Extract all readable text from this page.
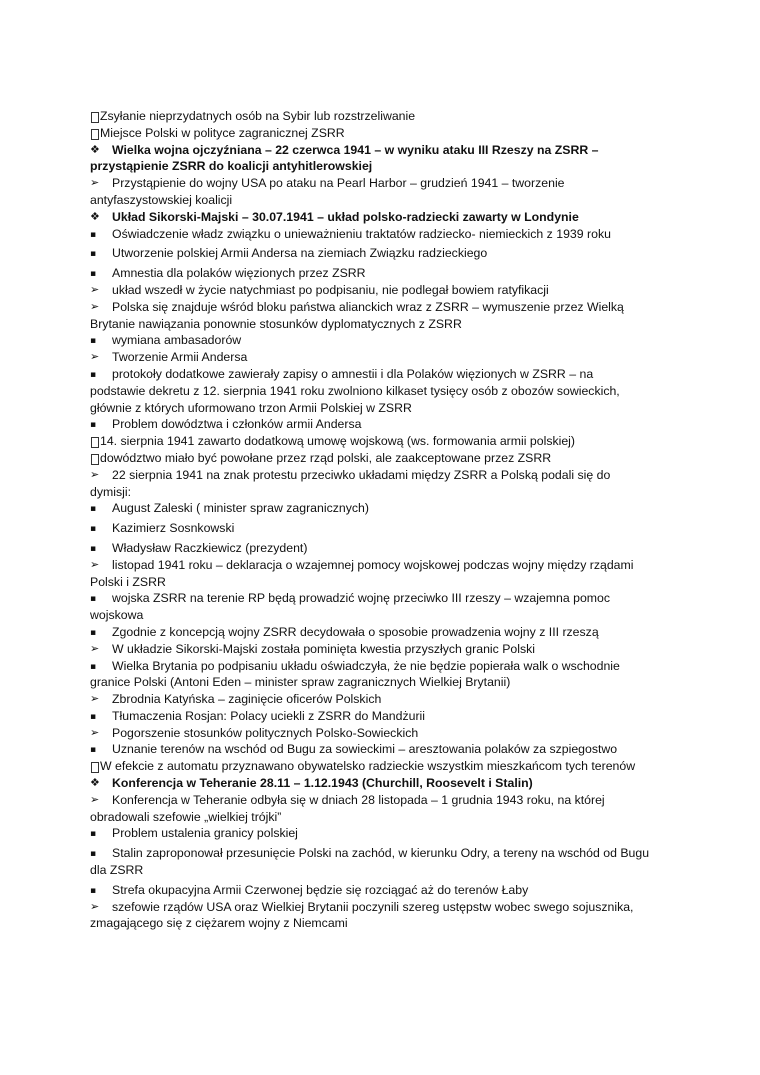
Zsyłanie nieprzydatnych osób na Sybir lub rozstrzeliwanie
Miejsce Polski w polityce zagranicznej ZSRR
❖ Wielka wojna ojczyźniana – 22 czerwca 1941 – w wyniku ataku III Rzeszy na ZSRR –
przystąpienie ZSRR do koalicji antyhitlerowskiej
➢	Przystąpienie do wojny USA po ataku na Pearl Harbor – grudzień 1941 – tworzenie
antyfaszystowskiej koalicji
❖ Układ Sikorski-Majski – 30.07.1941 – układ polsko-radziecki zawarty w Londynie
▪	Oświadczenie władz związku o unieważnieniu traktatów radziecko- niemieckich z 1939 roku
▪	Utworzenie polskiej Armii Andersa na ziemiach Związku radzieckiego
▪	Amnestia dla polaków więzionych przez ZSRR
➢	układ wszedł w życie natychmiast po podpisaniu, nie podlegał bowiem ratyfikacji
➢	Polska się znajduje wśród bloku państwa alianckich wraz z ZSRR – wymuszenie przez Wielką
Brytanie nawiązania ponownie stosunków dyplomatycznych z ZSRR
▪	wymiana ambasadorów
➢	Tworzenie Armii Andersa
▪	protokoły dodatkowe zawierały zapisy o amnestii i dla Polaków więzionych w ZSRR – na
podstawie dekretu z 12. sierpnia 1941 roku zwolniono kilkaset tysięcy osób z obozów sowieckich,
głównie z których uformowano trzon Armii Polskiej w ZSRR
▪	Problem dowództwa i członków armii Andersa
14. sierpnia 1941 zawarto dodatkową umowę wojskową (ws. formowania armii polskiej)
dowództwo miało być powołane przez rząd polski, ale zaakceptowane przez ZSRR
➢	22 sierpnia 1941 na znak protestu przeciwko układami między ZSRR a Polską podali się do
dymisji:
▪	August Zaleski ( minister spraw zagranicznych)
▪	Kazimierz Sosnkowski
▪	Władysław Raczkiewicz (prezydent)
➢	listopad 1941 roku – deklaracja o wzajemnej pomocy wojskowej podczas wojny między rządami
Polski i ZSRR
▪	wojska ZSRR na terenie RP będą prowadzić wojnę przeciwko III rzeszy – wzajemna pomoc
wojskowa
▪	Zgodnie z koncepcją wojny ZSRR decydowała o sposobie prowadzenia wojny z III rzeszą
➢	W układzie Sikorski-Majski została pominięta kwestia przyszłych granic Polski
▪	Wielka Brytania po podpisaniu układu oświadczyła, że nie będzie popierała walk o wschodnie
granice Polski (Antoni Eden – minister spraw zagranicznych Wielkiej Brytanii)
➢	Zbrodnia Katyńska – zaginięcie oficerów Polskich
▪	Tłumaczenia Rosjan: Polacy uciekli z ZSRR do Mandżurii
➢	Pogorszenie stosunków politycznych Polsko-Sowieckich
▪	Uznanie terenów na wschód od Bugu za sowieckimi – aresztowania polaków za szpiegostwo
W efekcie z automatu przyznawano obywatelsko radzieckie wszystkim mieszkańcom tych terenów
❖ Konferencja w Teheranie 28.11 – 1.12.1943 (Churchill, Roosevelt i Stalin)
➢	Konferencja w Teheranie odbyła się w dniach 28 listopada – 1 grudnia 1943 roku, na której
obradowali szefowie „wielkiej trójki”
▪	Problem ustalenia granicy polskiej
▪	Stalin zaproponował przesunięcie Polski na zachód, w kierunku Odry, a tereny na wschód od Bugu
dla ZSRR
▪	Strefa okupacyjna Armii Czerwonej będzie się rozciągać aż do terenów Łaby
➢	szefowie rządów USA oraz Wielkiej Brytanii poczynili szereg ustępstw wobec swego sojusznika,
zmagającego się z ciężarem wojny z Niemcami
